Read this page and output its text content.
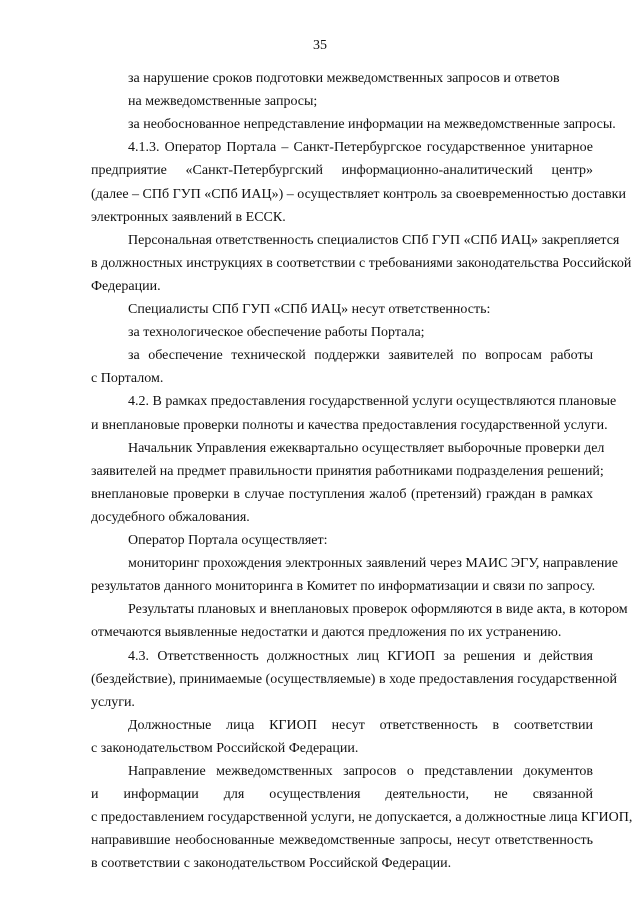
35
за нарушение сроков подготовки межведомственных запросов и ответов
на межведомственные запросы;
за необоснованное непредставление информации на межведомственные запросы.
4.1.3. Оператор Портала – Санкт-Петербургское государственное унитарное
предприятие «Санкт-Петербургский информационно-аналитический центр»
(далее – СПб ГУП «СПб ИАЦ») – осуществляет контроль за своевременностью доставки
электронных заявлений в ЕССК.
Персональная ответственность специалистов СПб ГУП «СПб ИАЦ» закрепляется
в должностных инструкциях в соответствии с требованиями законодательства Российской
Федерации.
Специалисты СПб ГУП «СПб ИАЦ» несут ответственность:
за технологическое обеспечение работы Портала;
за обеспечение технической поддержки заявителей по вопросам работы
с Порталом.
4.2. В рамках предоставления государственной услуги осуществляются плановые
и внеплановые проверки полноты и качества предоставления государственной услуги.
Начальник Управления ежеквартально осуществляет выборочные проверки дел
заявителей на предмет правильности принятия работниками подразделения решений;
внеплановые проверки в случае поступления жалоб (претензий) граждан в рамках
досудебного обжалования.
Оператор Портала осуществляет:
мониторинг прохождения электронных заявлений через МАИС ЭГУ, направление
результатов данного мониторинга в Комитет по информатизации и связи по запросу.
Результаты плановых и внеплановых проверок оформляются в виде акта, в котором
отмечаются выявленные недостатки и даются предложения по их устранению.
4.3. Ответственность должностных лиц КГИОП за решения и действия
(бездействие), принимаемые (осуществляемые) в ходе предоставления государственной
услуги.
Должностные лица КГИОП несут ответственность в соответствии
с законодательством Российской Федерации.
Направление межведомственных запросов о представлении документов
и информации для осуществления деятельности, не связанной
с предоставлением государственной услуги, не допускается, а должностные лица КГИОП,
направившие необоснованные межведомственные запросы, несут ответственность
в соответствии с законодательством Российской Федерации.
